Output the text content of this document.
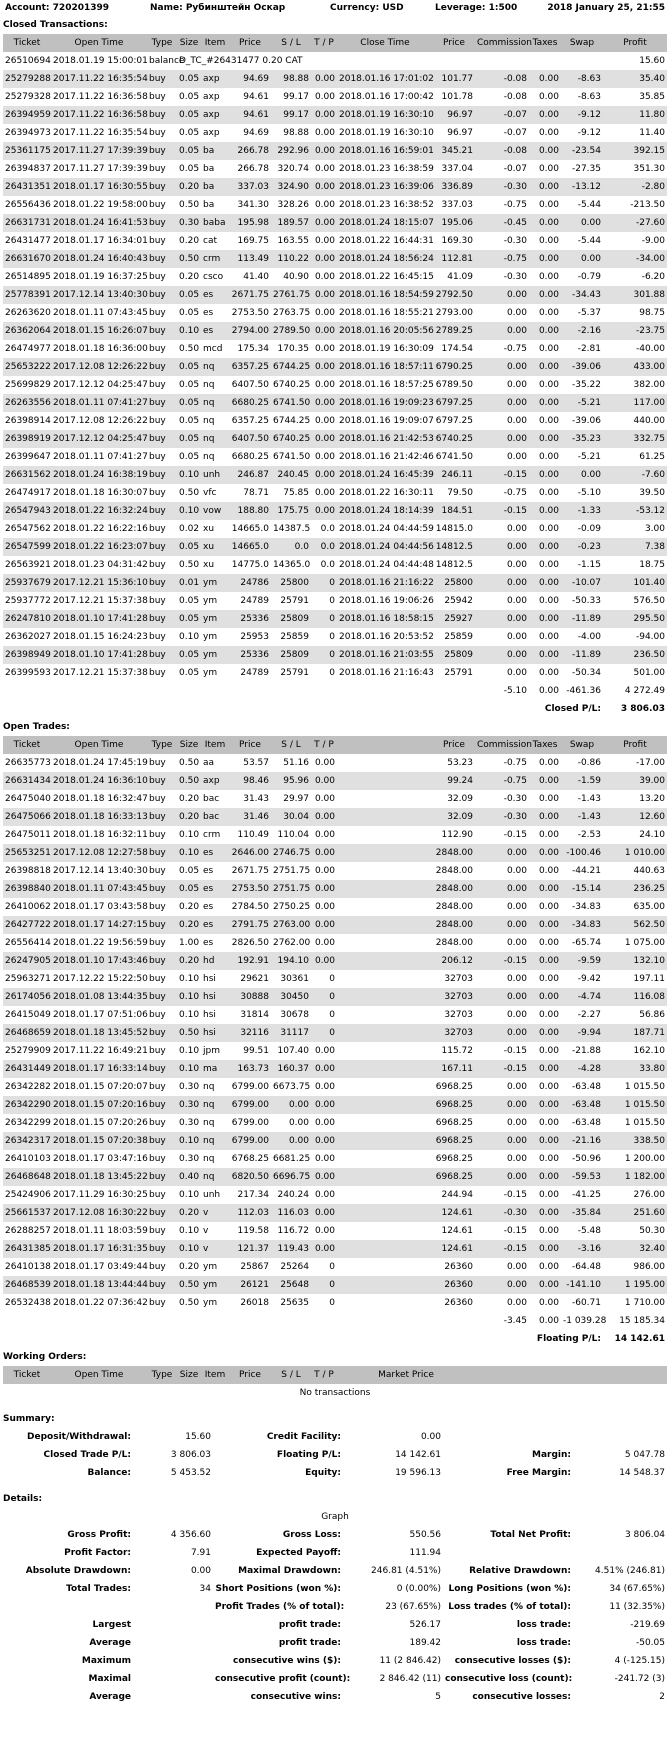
Account: 720201399	Name: Рубинштейн Оскар	Currency: USD	Leverage: 1:500	2018 January 25, 21:55
Closed Transactions:
Ticket	Open Time	Type	Size	Item	Price	S / L	T / P	Close Time	Price	Commission	Taxes	Swap	Profit
26510694	2018.01.19 15:00:01	balance	D_TC_#26431477 0.20 CAT										15.60
25279288	2017.11.22 16:35:54	buy	0.05	axp	94.69	98.88	0.00	2018.01.16 17:01:02	101.77	-0.08	0.00	-8.63	35.40
25279328	2017.11.22 16:36:58	buy	0.05	axp	94.61	99.17	0.00	2018.01.16 17:00:42	101.78	-0.08	0.00	-8.63	35.85
26394959	2017.11.22 16:36:58	buy	0.05	axp	94.61	99.17	0.00	2018.01.19 16:30:10	96.97	-0.07	0.00	-9.12	11.80
26394973	2017.11.22 16:35:54	buy	0.05	axp	94.69	98.88	0.00	2018.01.19 16:30:10	96.97	-0.07	0.00	-9.12	11.40
25361175	2017.11.27 17:39:39	buy	0.05	ba	266.78	292.96	0.00	2018.01.16 16:59:01	345.21	-0.08	0.00	-23.54	392.15
26394837	2017.11.27 17:39:39	buy	0.05	ba	266.78	320.74	0.00	2018.01.23 16:38:59	337.04	-0.07	0.00	-27.35	351.30
26431351	2018.01.17 16:30:55	buy	0.20	ba	337.03	324.90	0.00	2018.01.23 16:39:06	336.89	-0.30	0.00	-13.12	-2.80
26556436	2018.01.22 19:58:00	buy	0.50	ba	341.30	328.26	0.00	2018.01.23 16:38:52	337.03	-0.75	0.00	-5.44	-213.50
26631731	2018.01.24 16:41:53	buy	0.30	baba	195.98	189.57	0.00	2018.01.24 18:15:07	195.06	-0.45	0.00	0.00	-27.60
26431477	2018.01.17 16:34:01	buy	0.20	cat	169.75	163.55	0.00	2018.01.22 16:44:31	169.30	-0.30	0.00	-5.44	-9.00
26631670	2018.01.24 16:40:43	buy	0.50	crm	113.49	110.22	0.00	2018.01.24 18:56:24	112.81	-0.75	0.00	0.00	-34.00
26514895	2018.01.19 16:37:25	buy	0.20	csco	41.40	40.90	0.00	2018.01.22 16:45:15	41.09	-0.30	0.00	-0.79	-6.20
25778391	2017.12.14 13:40:30	buy	0.05	es	2671.75	2761.75	0.00	2018.01.16 18:54:59	2792.50	0.00	0.00	-34.43	301.88
26263620	2018.01.11 07:43:45	buy	0.05	es	2753.50	2763.75	0.00	2018.01.16 18:55:21	2793.00	0.00	0.00	-5.37	98.75
26362064	2018.01.15 16:26:07	buy	0.10	es	2794.00	2789.50	0.00	2018.01.16 20:05:56	2789.25	0.00	0.00	-2.16	-23.75
26474977	2018.01.18 16:36:00	buy	0.50	mcd	175.34	170.35	0.00	2018.01.19 16:30:09	174.54	-0.75	0.00	-2.81	-40.00
25653222	2017.12.08 12:26:22	buy	0.05	nq	6357.25	6744.25	0.00	2018.01.16 18:57:11	6790.25	0.00	0.00	-39.06	433.00
25699829	2017.12.12 04:25:47	buy	0.05	nq	6407.50	6740.25	0.00	2018.01.16 18:57:25	6789.50	0.00	0.00	-35.22	382.00
26263556	2018.01.11 07:41:27	buy	0.05	nq	6680.25	6741.50	0.00	2018.01.16 19:09:23	6797.25	0.00	0.00	-5.21	117.00
26398914	2017.12.08 12:26:22	buy	0.05	nq	6357.25	6744.25	0.00	2018.01.16 19:09:07	6797.25	0.00	0.00	-39.06	440.00
26398919	2017.12.12 04:25:47	buy	0.05	nq	6407.50	6740.25	0.00	2018.01.16 21:42:53	6740.25	0.00	0.00	-35.23	332.75
26399647	2018.01.11 07:41:27	buy	0.05	nq	6680.25	6741.50	0.00	2018.01.16 21:42:46	6741.50	0.00	0.00	-5.21	61.25
26631562	2018.01.24 16:38:19	buy	0.10	unh	246.87	240.45	0.00	2018.01.24 16:45:39	246.11	-0.15	0.00	0.00	-7.60
26474917	2018.01.18 16:30:07	buy	0.50	vfc	78.71	75.85	0.00	2018.01.22 16:30:11	79.50	-0.75	0.00	-5.10	39.50
26547943	2018.01.22 16:32:24	buy	0.10	vow	188.80	175.75	0.00	2018.01.24 18:14:39	184.51	-0.15	0.00	-1.33	-53.12
26547562	2018.01.22 16:22:16	buy	0.02	xu	14665.0	14387.5	0.0	2018.01.24 04:44:59	14815.0	0.00	0.00	-0.09	3.00
26547599	2018.01.22 16:23:07	buy	0.05	xu	14665.0	0.0	0.0	2018.01.24 04:44:56	14812.5	0.00	0.00	-0.23	7.38
26563921	2018.01.23 04:31:42	buy	0.50	xu	14775.0	14365.0	0.0	2018.01.24 04:44:48	14812.5	0.00	0.00	-1.15	18.75
25937679	2017.12.21 15:36:10	buy	0.01	ym	24786	25800	0	2018.01.16 21:16:22	25800	0.00	0.00	-10.07	101.40
25937772	2017.12.21 15:37:38	buy	0.05	ym	24789	25791	0	2018.01.16 19:06:26	25942	0.00	0.00	-50.33	576.50
26247810	2018.01.10 17:41:28	buy	0.05	ym	25336	25809	0	2018.01.16 18:58:15	25927	0.00	0.00	-11.89	295.50
26362027	2018.01.15 16:24:23	buy	0.10	ym	25953	25859	0	2018.01.16 20:53:52	25859	0.00	0.00	-4.00	-94.00
26398949	2018.01.10 17:41:28	buy	0.05	ym	25336	25809	0	2018.01.16 21:03:55	25809	0.00	0.00	-11.89	236.50
26399593	2017.12.21 15:37:38	buy	0.05	ym	24789	25791	0	2018.01.16 21:16:43	25791	0.00	0.00	-50.34	501.00
										-5.10	0.00	-461.36	4 272.49
										Closed P/L:			3 806.03
Open Trades:
Ticket	Open Time	Type	Size	Item	Price	S / L	T / P		Price	Commission	Taxes	Swap	Profit
26635773	2018.01.24 17:45:19	buy	0.50	aa	53.57	51.16	0.00		53.23	-0.75	0.00	-0.86	-17.00
26631434	2018.01.24 16:36:10	buy	0.50	axp	98.46	95.96	0.00		99.24	-0.75	0.00	-1.59	39.00
26475040	2018.01.18 16:32:47	buy	0.20	bac	31.43	29.97	0.00		32.09	-0.30	0.00	-1.43	13.20
26475066	2018.01.18 16:33:13	buy	0.20	bac	31.46	30.04	0.00		32.09	-0.30	0.00	-1.43	12.60
26475011	2018.01.18 16:32:11	buy	0.10	crm	110.49	110.04	0.00		112.90	-0.15	0.00	-2.53	24.10
25653251	2017.12.08 12:27:58	buy	0.10	es	2646.00	2746.75	0.00		2848.00	0.00	0.00	-100.46	1 010.00
26398818	2017.12.14 13:40:30	buy	0.05	es	2671.75	2751.75	0.00		2848.00	0.00	0.00	-44.21	440.63
26398840	2018.01.11 07:43:45	buy	0.05	es	2753.50	2751.75	0.00		2848.00	0.00	0.00	-15.14	236.25
26410062	2018.01.17 03:43:58	buy	0.20	es	2784.50	2750.25	0.00		2848.00	0.00	0.00	-34.83	635.00
26427722	2018.01.17 14:27:15	buy	0.20	es	2791.75	2763.00	0.00		2848.00	0.00	0.00	-34.83	562.50
26556414	2018.01.22 19:56:59	buy	1.00	es	2826.50	2762.00	0.00		2848.00	0.00	0.00	-65.74	1 075.00
26247905	2018.01.10 17:43:46	buy	0.20	hd	192.91	194.10	0.00		206.12	-0.15	0.00	-9.59	132.10
25963271	2017.12.22 15:22:50	buy	0.10	hsi	29621	30361	0		32703	0.00	0.00	-9.42	197.11
26174056	2018.01.08 13:44:35	buy	0.10	hsi	30888	30450	0		32703	0.00	0.00	-4.74	116.08
26415049	2018.01.17 07:51:06	buy	0.10	hsi	31814	30678	0		32703	0.00	0.00	-2.27	56.86
26468659	2018.01.18 13:45:52	buy	0.50	hsi	32116	31117	0		32703	0.00	0.00	-9.94	187.71
25279909	2017.11.22 16:49:21	buy	0.10	jpm	99.51	107.40	0.00		115.72	-0.15	0.00	-21.88	162.10
26431449	2018.01.17 16:33:14	buy	0.10	ma	163.73	160.37	0.00		167.11	-0.15	0.00	-4.28	33.80
26342282	2018.01.15 07:20:07	buy	0.30	nq	6799.00	6673.75	0.00		6968.25	0.00	0.00	-63.48	1 015.50
26342290	2018.01.15 07:20:16	buy	0.30	nq	6799.00	0.00	0.00		6968.25	0.00	0.00	-63.48	1 015.50
26342299	2018.01.15 07:20:26	buy	0.30	nq	6799.00	0.00	0.00		6968.25	0.00	0.00	-63.48	1 015.50
26342317	2018.01.15 07:20:38	buy	0.10	nq	6799.00	0.00	0.00		6968.25	0.00	0.00	-21.16	338.50
26410103	2018.01.17 03:47:16	buy	0.30	nq	6768.25	6681.25	0.00		6968.25	0.00	0.00	-50.96	1 200.00
26468648	2018.01.18 13:45:22	buy	0.40	nq	6820.50	6696.75	0.00		6968.25	0.00	0.00	-59.53	1 182.00
25424906	2017.11.29 16:30:25	buy	0.10	unh	217.34	240.24	0.00		244.94	-0.15	0.00	-41.25	276.00
25661537	2017.12.08 16:30:22	buy	0.20	v	112.03	116.03	0.00		124.61	-0.30	0.00	-35.84	251.60
26288257	2018.01.11 18:03:59	buy	0.10	v	119.58	116.72	0.00		124.61	-0.15	0.00	-5.48	50.30
26431385	2018.01.17 16:31:35	buy	0.10	v	121.37	119.43	0.00		124.61	-0.15	0.00	-3.16	32.40
26410138	2018.01.17 03:49:44	buy	0.20	ym	25867	25264	0		26360	0.00	0.00	-64.48	986.00
26468539	2018.01.18 13:44:44	buy	0.50	ym	26121	25648	0		26360	0.00	0.00	-141.10	1 195.00
26532438	2018.01.22 07:36:42	buy	0.50	ym	26018	25635	0		26360	0.00	0.00	-60.71	1 710.00
										-3.45	0.00	-1 039.28	15 185.34
										Floating P/L:			14 142.61
Working Orders:
Ticket	Open Time	Type	Size	Item	Price	S / L	T / P	Market Price	
No transactions
Summary:
Deposit/Withdrawal:	15.60	Credit Facility:	0.00		
Closed Trade P/L:	3 806.03	Floating P/L:	14 142.61	Margin:	5 047.78
Balance:	5 453.52	Equity:	19 596.13	Free Margin:	14 548.37
Details:
Graph					
Gross Profit:	4 356.60	Gross Loss:	550.56	Total Net Profit:	3 806.04
Profit Factor:	7.91	Expected Payoff:	111.94		
Absolute Drawdown:	0.00	Maximal Drawdown:	246.81 (4.51%)	Relative Drawdown:	4.51% (246.81)
Total Trades:	34	Short Positions (won %):	0 (0.00%)	Long Positions (won %):	34 (67.65%)
		Profit Trades (% of total):	23 (67.65%)	Loss trades (% of total):	11 (32.35%)
Largest		profit trade:	526.17	loss trade:	-219.69
Average		profit trade:	189.42	loss trade:	-50.05
Maximum		consecutive wins ($):	11 (2 846.42)	consecutive losses ($):	4 (-125.15)
Maximal		consecutive profit (count):	2 846.42 (11)	consecutive loss (count):	-241.72 (3)
Average		consecutive wins:	5	consecutive losses:	2
